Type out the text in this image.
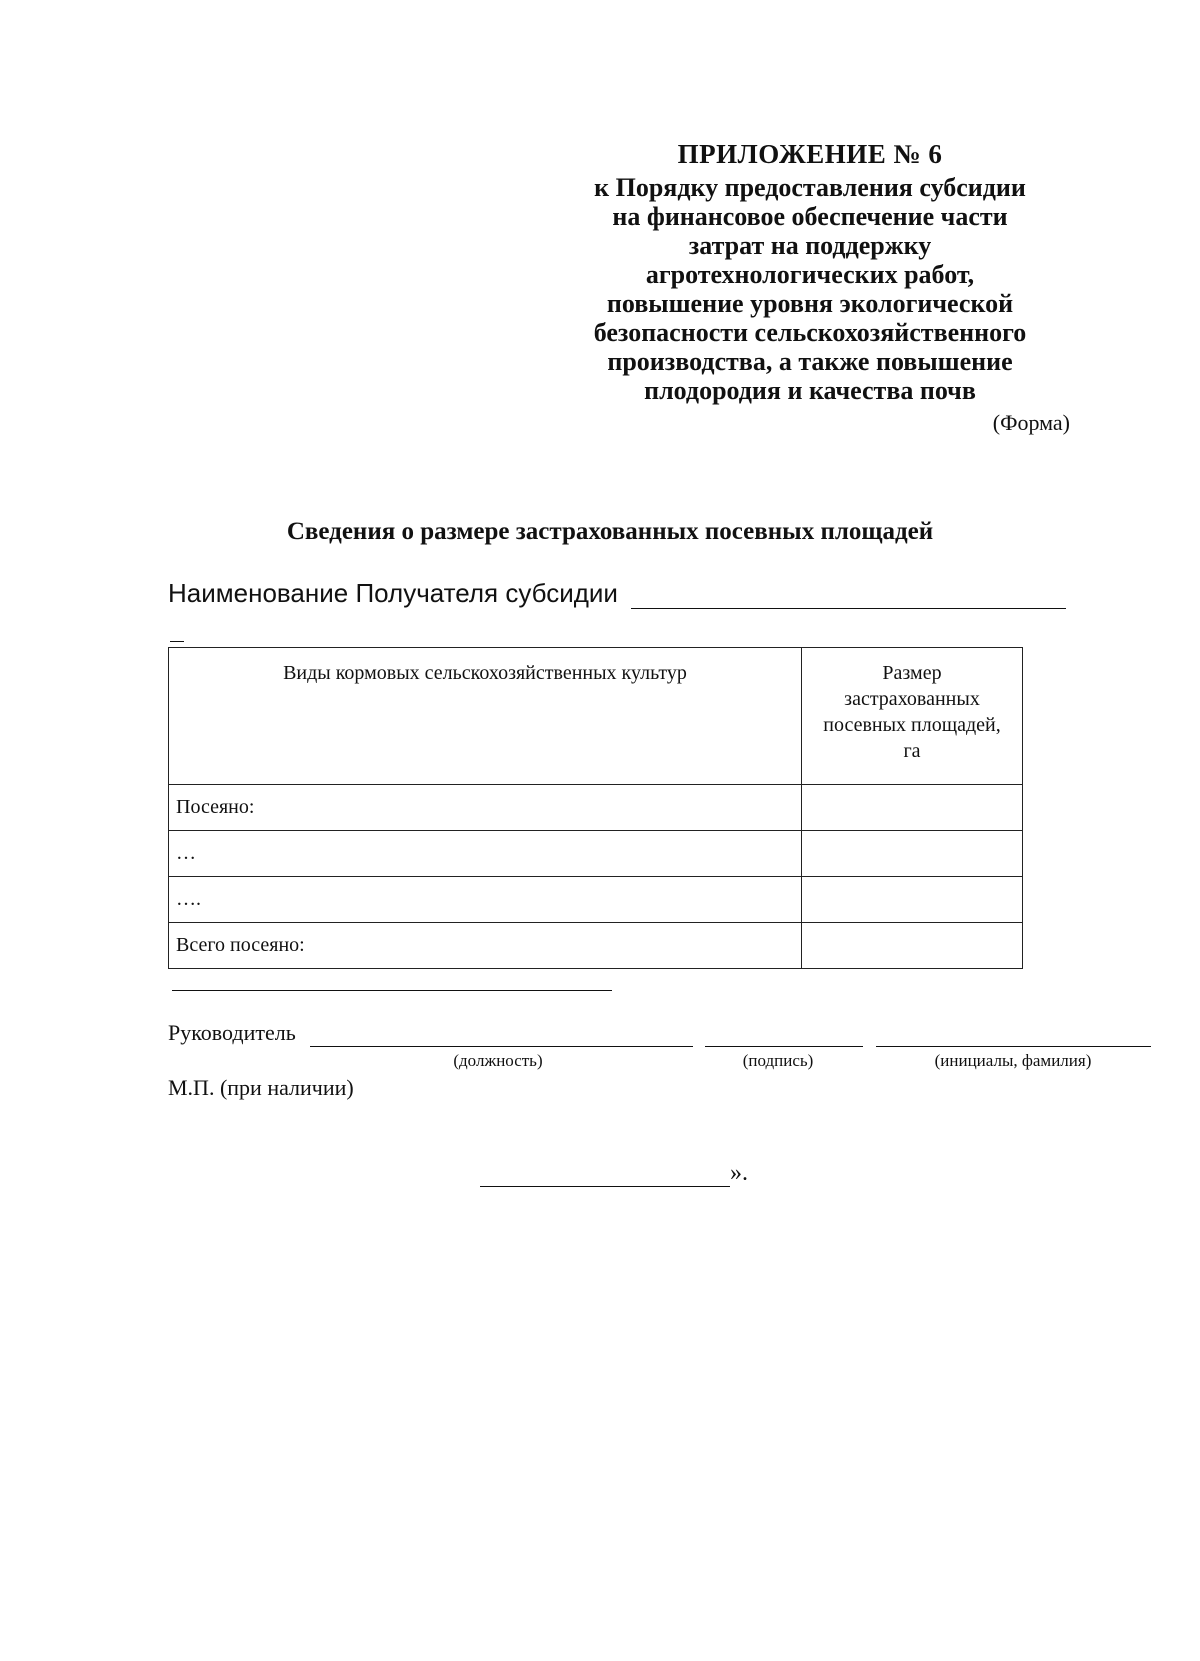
ПРИЛОЖЕНИЕ № 6
к Порядку предоставления субсидии
на финансовое обеспечение части
затрат на поддержку
агротехнологических работ,
повышение уровня экологической
безопасности сельскохозяйственного
производства, а также повышение
плодородия и качества почв
(Форма)
Сведения о размере застрахованных посевных площадей
Наименование Получателя субсидии
Виды кормовых сельскохозяйственных культур	Размер
застрахованных
посевных площадей,
га

Посеяно:	
…	
….	
Всего посеяно:	
Руководитель
(должность)	(подпись)	(инициалы, фамилия)
М.П. (при наличии)
».
